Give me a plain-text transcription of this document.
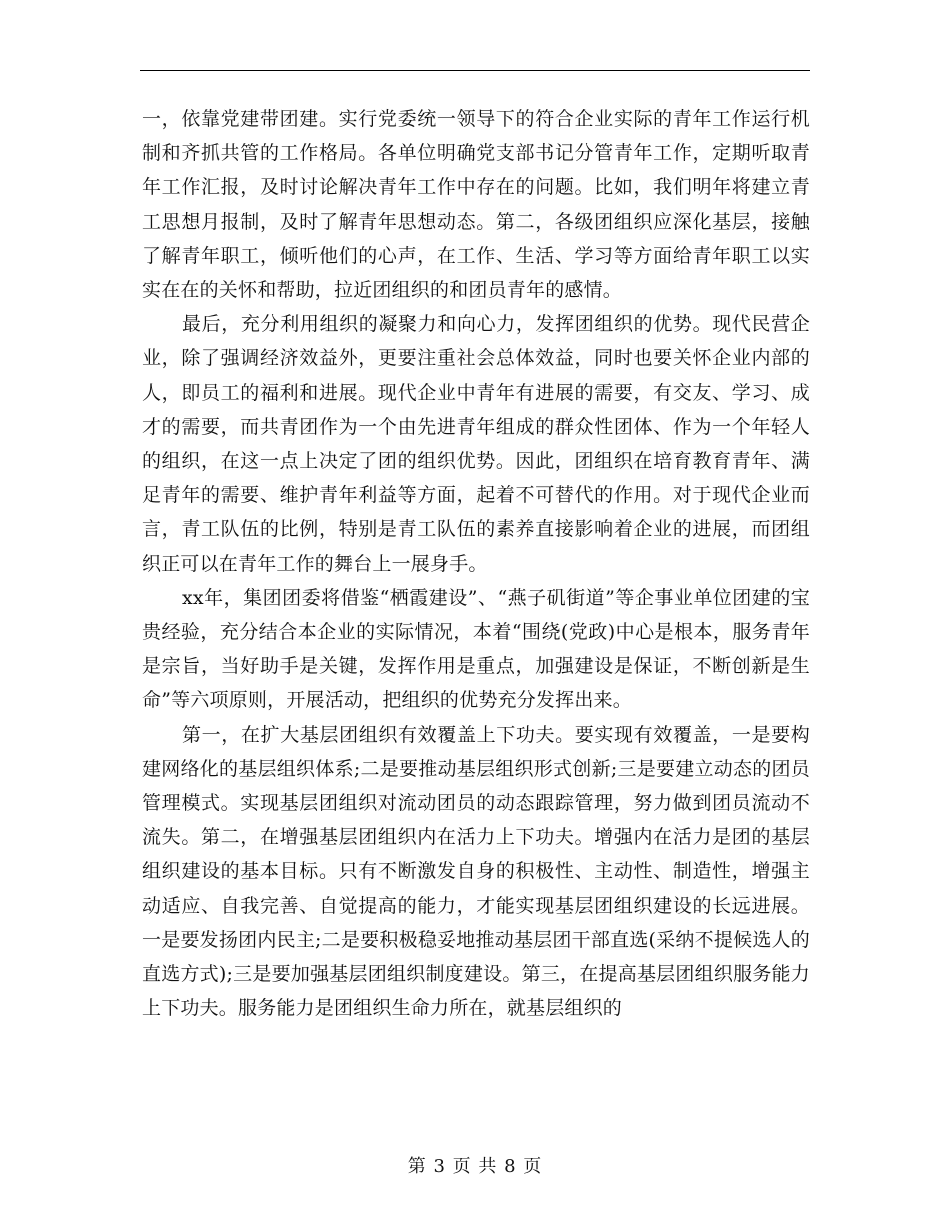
一，依靠党建带团建。实行党委统一领导下的符合企业实际的青年工作运行机制和齐抓共管的工作格局。各单位明确党支部书记分管青年工作，定期听取青年工作汇报，及时讨论解决青年工作中存在的问题。比如，我们明年将建立青工思想月报制，及时了解青年思想动态。第二，各级团组织应深化基层，接触了解青年职工，倾听他们的心声，在工作、生活、学习等方面给青年职工以实实在在的关怀和帮助，拉近团组织的和团员青年的感情。

最后，充分利用组织的凝聚力和向心力，发挥团组织的优势。现代民营企业，除了强调经济效益外，更要注重社会总体效益，同时也要关怀企业内部的人，即员工的福利和进展。现代企业中青年有进展的需要，有交友、学习、成才的需要，而共青团作为一个由先进青年组成的群众性团体、作为一个年轻人的组织，在这一点上决定了团的组织优势。因此，团组织在培育教育青年、满足青年的需要、维护青年利益等方面，起着不可替代的作用。对于现代企业而言，青工队伍的比例，特别是青工队伍的素养直接影响着企业的进展，而团组织正可以在青年工作的舞台上一展身手。

xx年，集团团委将借鉴“栖霞建设”、“燕子矶街道”等企事业单位团建的宝贵经验，充分结合本企业的实际情况，本着“围绕(党政)中心是根本，服务青年是宗旨，当好助手是关键，发挥作用是重点，加强建设是保证，不断创新是生命”等六项原则，开展活动，把组织的优势充分发挥出来。

第一，在扩大基层团组织有效覆盖上下功夫。要实现有效覆盖，一是要构建网络化的基层组织体系;二是要推动基层组织形式创新;三是要建立动态的团员管理模式。实现基层团组织对流动团员的动态跟踪管理，努力做到团员流动不流失。第二，在增强基层团组织内在活力上下功夫。增强内在活力是团的基层组织建设的基本目标。只有不断激发自身的积极性、主动性、制造性，增强主动适应、自我完善、自觉提高的能力，才能实现基层团组织建设的长远进展。一是要发扬团内民主;二是要积极稳妥地推动基层团干部直选(采纳不提候选人的直选方式);三是要加强基层团组织制度建设。第三，在提高基层团组织服务能力上下功夫。服务能力是团组织生命力所在，就基层组织的

第 3 页 共 8 页
